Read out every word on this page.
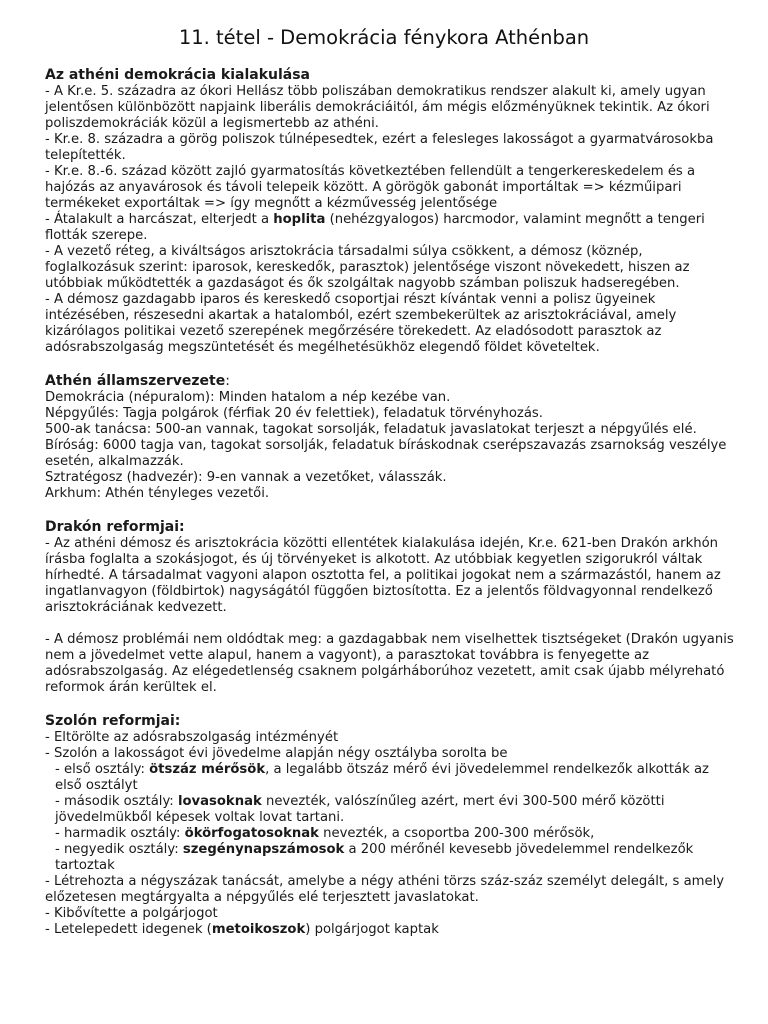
11. tétel - Demokrácia fénykora Athénban

Az athéni demokrácia kialakulása

- A Kr.e. 5. századra az ókori Hellász több poliszában demokratikus rendszer alakult ki, amely ugyan jelentősen különbözött napjaink liberális demokráciáitól, ám mégis előzményüknek tekintik. Az ókori poliszdemokráciák közül a legismertebb az athéni.

- Kr.e. 8. századra a görög poliszok túlnépesedtek, ezért a felesleges lakosságot a gyarmatvárosokba telepítették.

- Kr.e. 8.-6. század között zajló gyarmatosítás következtében fellendült a tengerkereskedelem és a hajózás az anyavárosok és távoli telepeik között. A görögök gabonát importáltak => kézműipari termékeket exportáltak => így megnőtt a kézművesség jelentősége

- Átalakult a harcászat, elterjedt a hoplita (nehézgyalogos) harcmodor, valamint megnőtt a tengeri flották szerepe.

- A vezető réteg, a kiváltságos arisztokrácia társadalmi súlya csökkent, a démosz (köznép, foglalkozásuk szerint: iparosok, kereskedők, parasztok) jelentősége viszont növekedett, hiszen az utóbbiak működtették a gazdaságot és ők szolgáltak nagyobb számban poliszuk hadseregében.

- A démosz gazdagabb iparos és kereskedő csoportjai részt kívántak venni a polisz ügyeinek intézésében, részesedni akartak a hatalomból, ezért szembekerültek az arisztokráciával, amely kizárólagos politikai vezető szerepének megőrzésére törekedett. Az eladósodott parasztok az adósrabszolgaság megszüntetését és megélhetésükhöz elegendő földet követeltek.

Athén államszervezete:

Demokrácia (népuralom): Minden hatalom a nép kezébe van.

Népgyűlés: Tagja polgárok (férfiak 20 év felettiek), feladatuk törvényhozás.

500-ak tanácsa: 500-an vannak, tagokat sorsolják, feladatuk javaslatokat terjeszt a népgyűlés elé.

Bíróság: 6000 tagja van, tagokat sorsolják, feladatuk bíráskodnak cserépszavazás zsarnokság veszélye esetén, alkalmazzák.

Sztratégosz (hadvezér): 9-en vannak a vezetőket, válasszák.

Arkhum: Athén tényleges vezetői.

Drakón reformjai:

- Az athéni démosz és arisztokrácia közötti ellentétek kialakulása idején, Kr.e. 621-ben Drakón arkhón írásba foglalta a szokásjogot, és új törvényeket is alkotott. Az utóbbiak kegyetlen szigorukról váltak hírhedté. A társadalmat vagyoni alapon osztotta fel, a politikai jogokat nem a származástól, hanem az ingatlanvagyon (földbirtok) nagyságától függően biztosította. Ez a jelentős földvagyonnal rendelkező arisztokráciának kedvezett.

- A démosz problémái nem oldódtak meg: a gazdagabbak nem viselhettek tisztségeket (Drakón ugyanis nem a jövedelmet vette alapul, hanem a vagyont), a parasztokat továbbra is fenyegette az adósrabszolgaság. Az elégedetlenség csaknem polgárháborúhoz vezetett, amit csak újabb mélyreható reformok árán kerültek el.

Szolón reformjai:

- Eltörölte az adósrabszolgaság intézményét

- Szolón a lakosságot évi jövedelme alapján négy osztályba sorolta be

- első osztály: ötszáz mérősök, a legalább ötszáz mérő évi jövedelemmel rendelkezők alkották az első osztályt

- második osztály: lovasoknak nevezték, valószínűleg azért, mert évi 300-500 mérő közötti jövedelmükből képesek voltak lovat tartani.

- harmadik osztály: ökörfogatosoknak nevezték, a csoportba 200-300 mérősök,

- negyedik osztály: szegénynapszámosok a 200 mérőnél kevesebb jövedelemmel rendelkezők tartoztak

- Létrehozta a négyszázak tanácsát, amelybe a négy athéni törzs száz-száz személyt delegált, s amely előzetesen megtárgyalta a népgyűlés elé terjesztett javaslatokat.

- Kibővítette a polgárjogot

- Letelepedett idegenek (metoikoszok) polgárjogot kaptak
